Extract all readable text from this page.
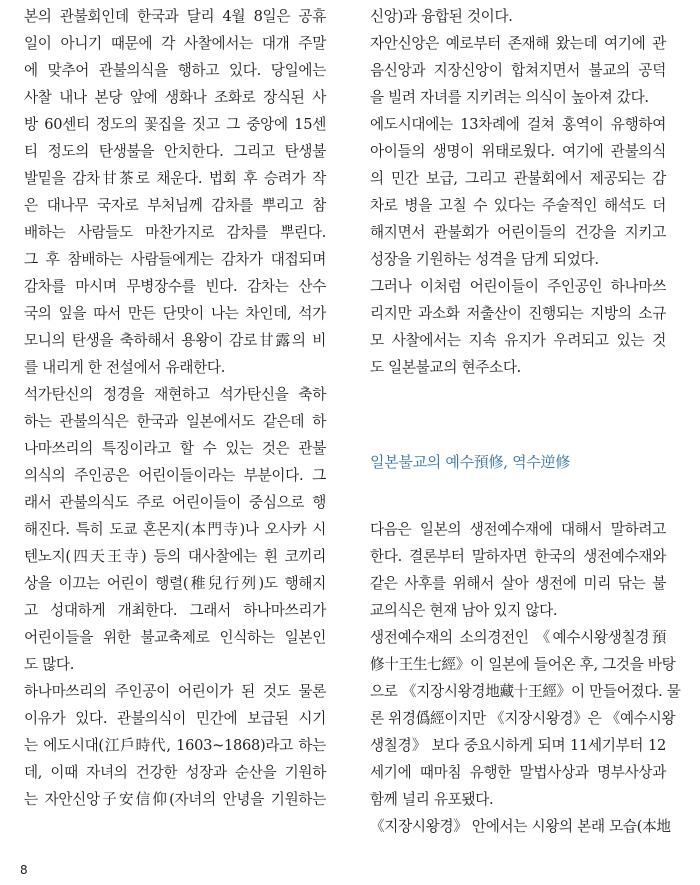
본의 관불회인데 한국과 달리 4월 8일은 공휴
일이 아니기 때문에 각 사찰에서는 대개 주말
에 맞추어 관불의식을 행하고 있다. 당일에는
사찰 내나 본당 앞에 생화나 조화로 장식된 사
방 60센티 정도의 꽃집을 짓고 그 중앙에 15센
티 정도의 탄생불을 안치한다. 그리고 탄생불
발밑을 감차甘茶로 채운다. 법회 후 승려가 작
은 대나무 국자로 부처님께 감차를 뿌리고 참
배하는 사람들도 마찬가지로 감차를 뿌린다.
그 후 참배하는 사람들에게는 감차가 대접되며
감차를 마시며 무병장수를 빈다. 감차는 산수
국의 잎을 따서 만든 단맛이 나는 차인데, 석가
모니의 탄생을 축하해서 용왕이 감로甘露의 비
를 내리게 한 전설에서 유래한다.
석가탄신의 정경을 재현하고 석가탄신을 축하
하는 관불의식은 한국과 일본에서도 같은데 하
나마쓰리의 특징이라고 할 수 있는 것은 관불
의식의 주인공은 어린이들이라는 부분이다. 그
래서 관불의식도 주로 어린이들이 중심으로 행
해진다. 특히 도쿄 혼몬지(本門寺)나 오사카 시
텐노지(四天王寺) 등의 대사찰에는 흰 코끼리
상을 이끄는 어린이 행렬(稚兒行列)도 행해지
고 성대하게 개최한다. 그래서 하나마쓰리가
어린이들을 위한 불교축제로 인식하는 일본인
도 많다.
하나마쓰리의 주인공이 어린이가 된 것도 물론
이유가 있다. 관불의식이 민간에 보급된 시기
는 에도시대(江戶時代, 1603~1868)라고 하는
데, 이때 자녀의 건강한 성장과 순산을 기원하
는 자안신앙子安信仰(자녀의 안녕을 기원하는
신앙)과 융합된 것이다.
자안신앙은 예로부터 존재해 왔는데 여기에 관
음신앙과 지장신앙이 합쳐지면서 불교의 공덕
을 빌려 자녀를 지키려는 의식이 높아져 갔다.
에도시대에는 13차례에 걸쳐 홍역이 유행하여
아이들의 생명이 위태로웠다. 여기에 관불의식
의 민간 보급, 그리고 관불회에서 제공되는 감
차로 병을 고칠 수 있다는 주술적인 해석도 더
해지면서 관불회가 어린이들의 건강을 지키고
성장을 기원하는 성격을 담게 되었다.
그러나 이처럼 어린이들이 주인공인 하나마쓰
리지만 과소화 저출산이 진행되는 지방의 소규
모 사찰에서는 지속 유지가 우려되고 있는 것
도 일본불교의 현주소다.
일본불교의 예수預修, 역수逆修
다음은 일본의 생전예수재에 대해서 말하려고
한다. 결론부터 말하자면 한국의 생전예수재와
같은 사후를 위해서 살아 생전에 미리 닦는 불
교의식은 현재 남아 있지 않다.
생전예수재의 소의경전인 《예수시왕생칠경預
修十王生七經》이 일본에 들어온 후, 그것을 바탕
으로 《지장시왕경地藏十王經》이 만들어졌다. 물
론 위경僞經이지만 《지장시왕경》은 《예수시왕
생칠경》 보다 중요시하게 되며 11세기부터 12
세기에 때마침 유행한 말법사상과 명부사상과
함께 널리 유포됐다.
《지장시왕경》 안에서는 시왕의 본래 모습(本地
8
